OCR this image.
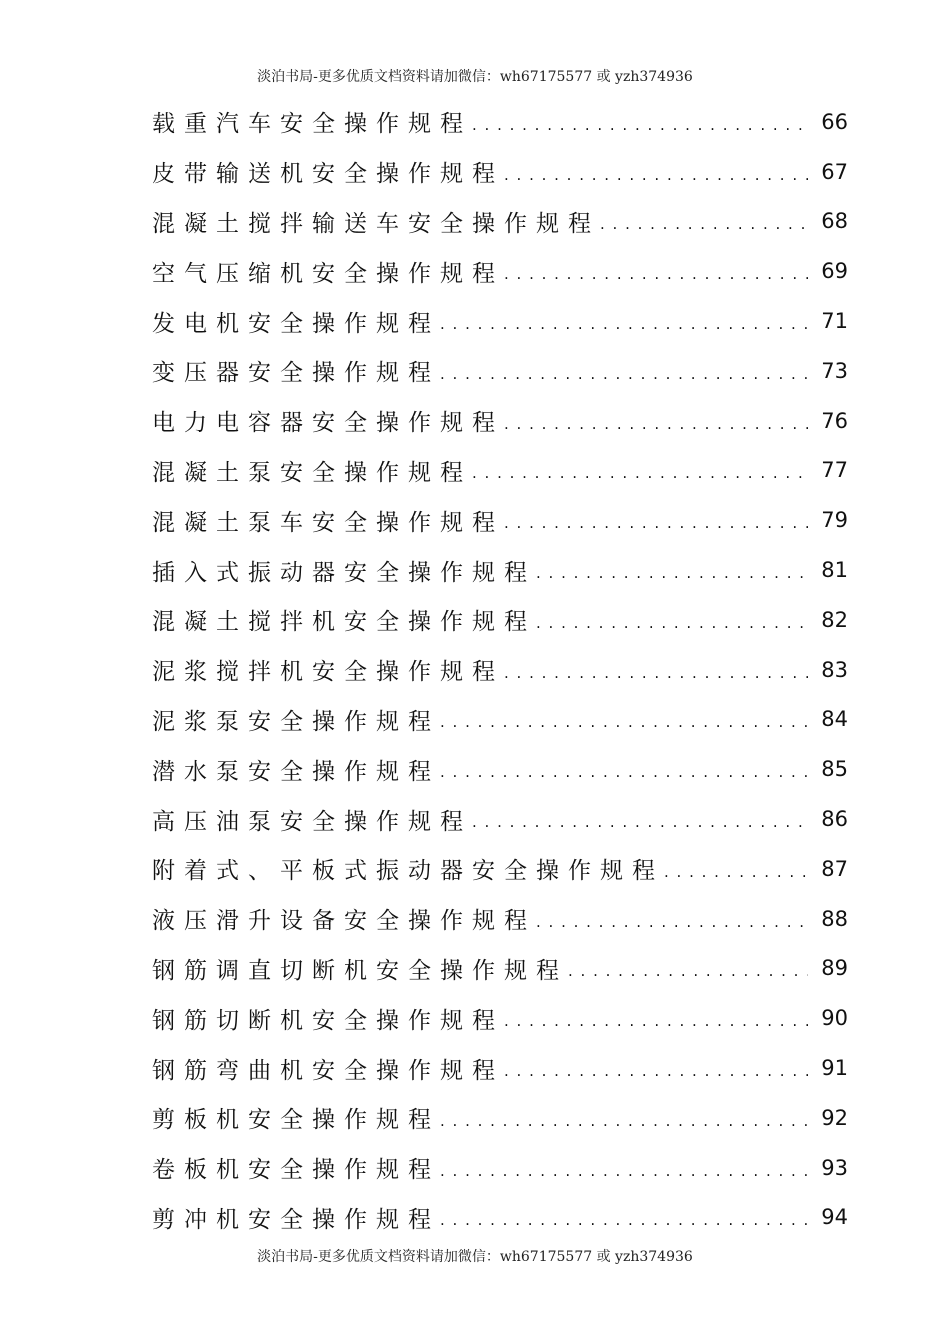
淡泊书局-更多优质文档资料请加微信：wh67175577 或 yzh374936
载重汽车安全操作规程 . . .	66
皮带输送机安全操作规程 . . .	67
混凝土搅拌输送车安全操作规程 . . .	68
空气压缩机安全操作规程 . . .	69
发电机安全操作规程 . . .	71
变压器安全操作规程 . . .	73
电力电容器安全操作规程 . . .	76
混凝土泵安全操作规程 . . .	77
混凝土泵车安全操作规程 . . .	79
插入式振动器安全操作规程 . . .	81
混凝土搅拌机安全操作规程 . . .	82
泥浆搅拌机安全操作规程 . . .	83
泥浆泵安全操作规程 . . .	84
潜水泵安全操作规程 . . .	85
高压油泵安全操作规程 . . .	86
附着式、平板式振动器安全操作规程 . . .	87
液压滑升设备安全操作规程 . . .	88
钢筋调直切断机安全操作规程 . . .	89
钢筋切断机安全操作规程 . . .	90
钢筋弯曲机安全操作规程 . . .	91
剪板机安全操作规程 . . .	92
卷板机安全操作规程 . . .	93
剪冲机安全操作规程 . . .	94
淡泊书局-更多优质文档资料请加微信：wh67175577 或 yzh374936
